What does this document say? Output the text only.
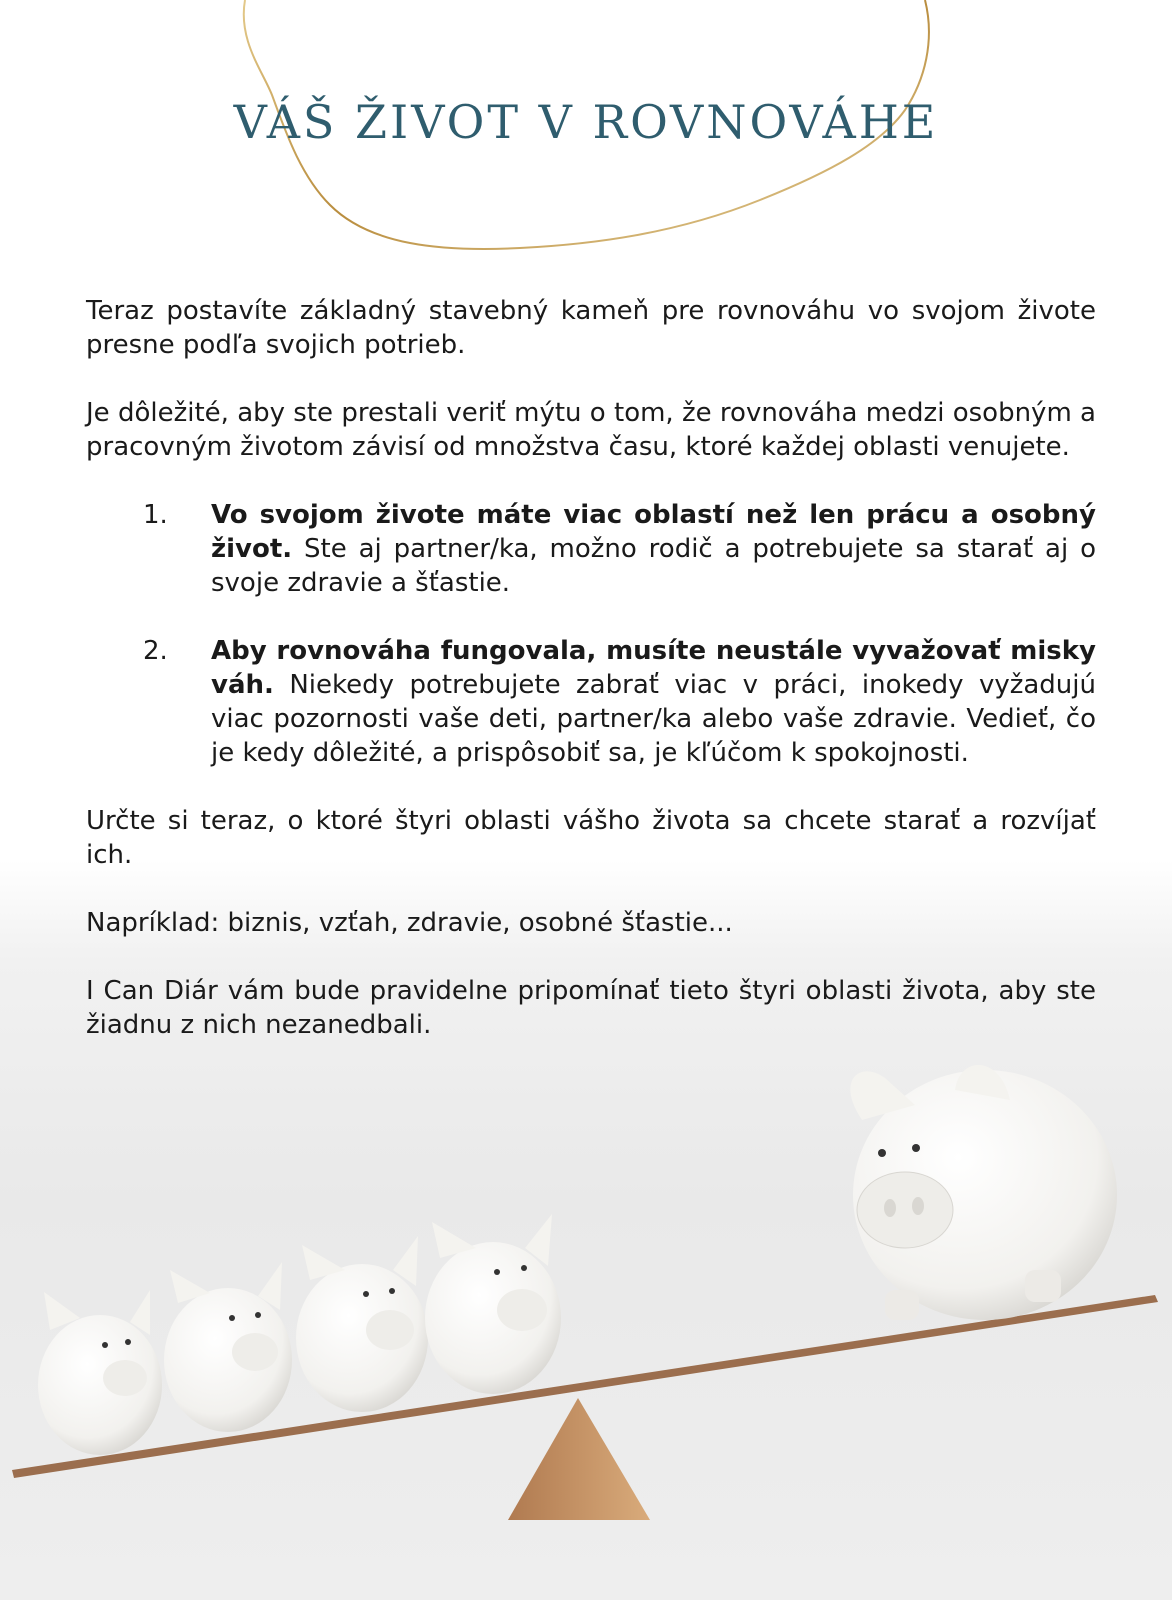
VÁŠ ŽIVOT V ROVNOVÁHE

Teraz postavíte základný stavebný kameň pre rovnováhu vo svojom živote presne podľa svojich potrieb.

Je dôležité, aby ste prestali veriť mýtu o tom, že rovnováha medzi osobným a pracovným životom závisí od množstva času, ktoré každej oblasti venujete.

1. Vo svojom živote máte viac oblastí než len prácu a osobný život. Ste aj partner/ka, možno rodič a potrebujete sa starať aj o svoje zdravie a šťastie.
2. Aby rovnováha fungovala, musíte neustále vyvažovať misky váh. Niekedy potrebujete zabrať viac v práci, inokedy vyžadujú viac pozornosti vaše deti, partner/ka alebo vaše zdravie. Vedieť, čo je kedy dôležité, a prispôsobiť sa, je kľúčom k spokojnosti.

Určte si teraz, o ktoré štyri oblasti vášho života sa chcete starať a rozvíjať ich.

Napríklad: biznis, vzťah, zdravie, osobné šťastie...

I Can Diár vám bude pravidelne pripomínať tieto štyri oblasti života, aby ste žiadnu z nich nezanedbali.
